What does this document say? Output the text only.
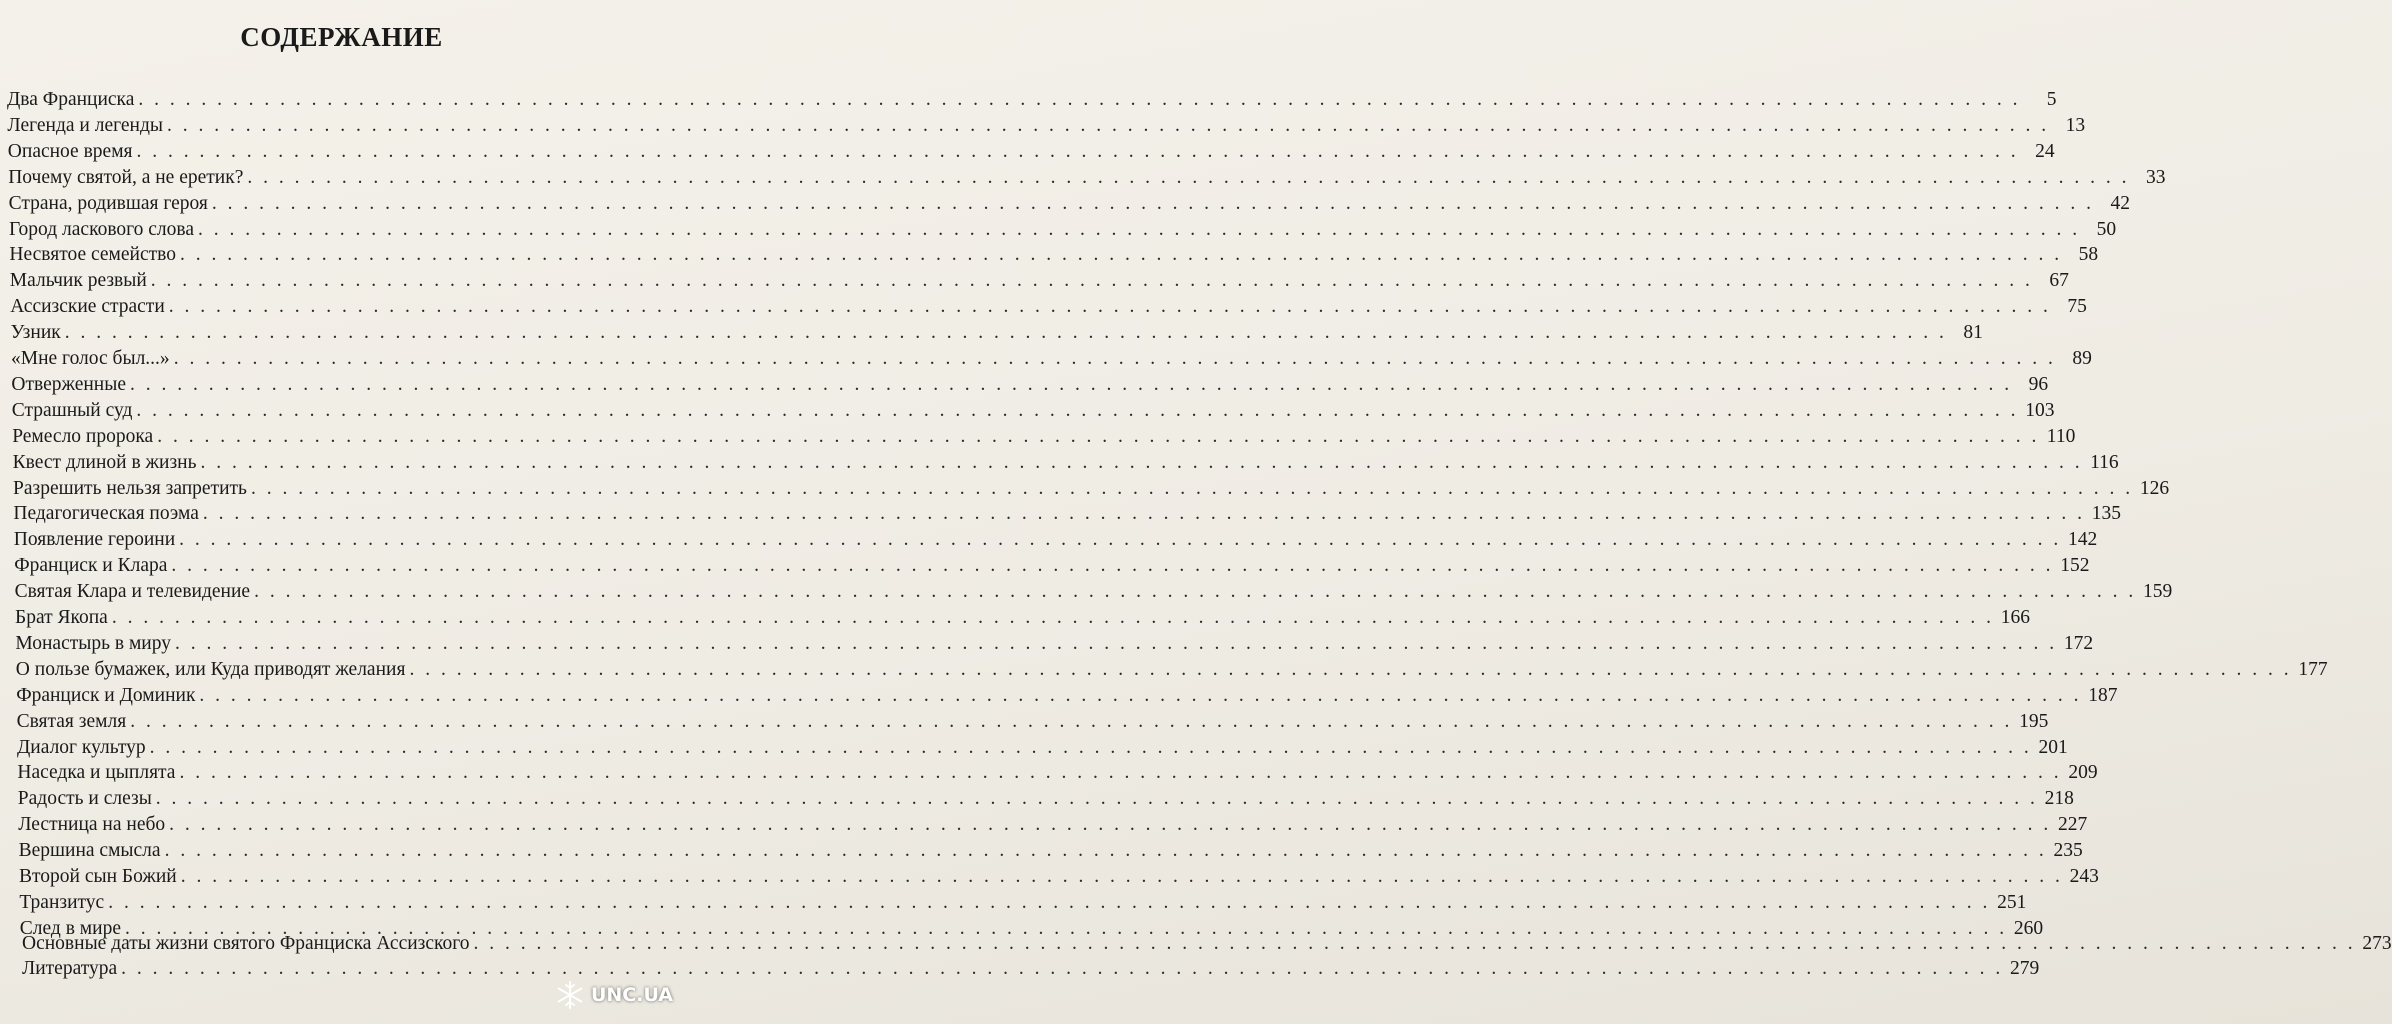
СОДЕРЖАНИЕ
Два Франциска . . . . . . . . . . . . . . . . . . . . . . . . . . . . . . . . . . . . . . . . . . . . . . . . . . . . . . . . . . . . . . . . . . . . . . . . . . . . . . . . . . . . . . . . . . . . . . . . . . . . . . . . . . . . . . . . . . . . . . . .	5
Легенда и легенды . . . . . . . . . . . . . . . . . . . . . . . . . . . . . . . . . . . . . . . . . . . . . . . . . . . . . . . . . . . . . . . . . . . . . . . . . . . . . . . . . . . . . . . . . . . . . . . . . . . . . . . . . . . . . . . . . . . . . . . . 13
Опасное время . . . . . . . . . . . . . . . . . . . . . . . . . . . . . . . . . . . . . . . . . . . . . . . . . . . . . . . . . . . . . . . . . . . . . . . . . . . . . . . . . . . . . . . . . . . . . . . . . . . . . . . . . . . . . . . . . . . . . . . . 24
Почему святой, а не еретик? . . . . . . . . . . . . . . . . . . . . . . . . . . . . . . . . . . . . . . . . . . . . . . . . . . . . . . . . . . . . . . . . . . . . . . . . . . . . . . . . . . . . . . . . . . . . . . . . . . . . . . . . . . . . . . . . . . . . . . . . 33
Страна, родившая героя . . . . . . . . . . . . . . . . . . . . . . . . . . . . . . . . . . . . . . . . . . . . . . . . . . . . . . . . . . . . . . . . . . . . . . . . . . . . . . . . . . . . . . . . . . . . . . . . . . . . . . . . . . . . . . . . . . . . . . . . 42
Город ласкового слова . . . . . . . . . . . . . . . . . . . . . . . . . . . . . . . . . . . . . . . . . . . . . . . . . . . . . . . . . . . . . . . . . . . . . . . . . . . . . . . . . . . . . . . . . . . . . . . . . . . . . . . . . . . . . . . . . . . . . . . . 50
Несвятое семейство . . . . . . . . . . . . . . . . . . . . . . . . . . . . . . . . . . . . . . . . . . . . . . . . . . . . . . . . . . . . . . . . . . . . . . . . . . . . . . . . . . . . . . . . . . . . . . . . . . . . . . . . . . . . . . . . . . . . . . . . 58
Мальчик резвый . . . . . . . . . . . . . . . . . . . . . . . . . . . . . . . . . . . . . . . . . . . . . . . . . . . . . . . . . . . . . . . . . . . . . . . . . . . . . . . . . . . . . . . . . . . . . . . . . . . . . . . . . . . . . . . . . . . . . . . . 67
Ассизские страсти . . . . . . . . . . . . . . . . . . . . . . . . . . . . . . . . . . . . . . . . . . . . . . . . . . . . . . . . . . . . . . . . . . . . . . . . . . . . . . . . . . . . . . . . . . . . . . . . . . . . . . . . . . . . . . . . . . . . . . . . 75
Узник . . . . . . . . . . . . . . . . . . . . . . . . . . . . . . . . . . . . . . . . . . . . . . . . . . . . . . . . . . . . . . . . . . . . . . . . . . . . . . . . . . . . . . . . . . . . . . . . . . . . . . . . . . . . . . . . . . . . . . . . 81
«Мне голос был...» . . . . . . . . . . . . . . . . . . . . . . . . . . . . . . . . . . . . . . . . . . . . . . . . . . . . . . . . . . . . . . . . . . . . . . . . . . . . . . . . . . . . . . . . . . . . . . . . . . . . . . . . . . . . . . . . . . . . . . . . 89
Отверженные . . . . . . . . . . . . . . . . . . . . . . . . . . . . . . . . . . . . . . . . . . . . . . . . . . . . . . . . . . . . . . . . . . . . . . . . . . . . . . . . . . . . . . . . . . . . . . . . . . . . . . . . . . . . . . . . . . . . . . . . 96
Страшный суд . . . . . . . . . . . . . . . . . . . . . . . . . . . . . . . . . . . . . . . . . . . . . . . . . . . . . . . . . . . . . . . . . . . . . . . . . . . . . . . . . . . . . . . . . . . . . . . . . . . . . . . . . . . . . . . . . . . . . . . . 103
Ремесло пророка . . . . . . . . . . . . . . . . . . . . . . . . . . . . . . . . . . . . . . . . . . . . . . . . . . . . . . . . . . . . . . . . . . . . . . . . . . . . . . . . . . . . . . . . . . . . . . . . . . . . . . . . . . . . . . . . . . . . . . . . 110
Квест длиной в жизнь . . . . . . . . . . . . . . . . . . . . . . . . . . . . . . . . . . . . . . . . . . . . . . . . . . . . . . . . . . . . . . . . . . . . . . . . . . . . . . . . . . . . . . . . . . . . . . . . . . . . . . . . . . . . . . . . . . . . . . . . 116
Разрешить нельзя запретить . . . . . . . . . . . . . . . . . . . . . . . . . . . . . . . . . . . . . . . . . . . . . . . . . . . . . . . . . . . . . . . . . . . . . . . . . . . . . . . . . . . . . . . . . . . . . . . . . . . . . . . . . . . . . . . . . . . . . . . . 126
Педагогическая поэма . . . . . . . . . . . . . . . . . . . . . . . . . . . . . . . . . . . . . . . . . . . . . . . . . . . . . . . . . . . . . . . . . . . . . . . . . . . . . . . . . . . . . . . . . . . . . . . . . . . . . . . . . . . . . . . . . . . . . . . . 135
Появление героини . . . . . . . . . . . . . . . . . . . . . . . . . . . . . . . . . . . . . . . . . . . . . . . . . . . . . . . . . . . . . . . . . . . . . . . . . . . . . . . . . . . . . . . . . . . . . . . . . . . . . . . . . . . . . . . . . . . . . . . . 142
Франциск и Клара . . . . . . . . . . . . . . . . . . . . . . . . . . . . . . . . . . . . . . . . . . . . . . . . . . . . . . . . . . . . . . . . . . . . . . . . . . . . . . . . . . . . . . . . . . . . . . . . . . . . . . . . . . . . . . . . . . . . . . . . 152
Святая Клара и телевидение . . . . . . . . . . . . . . . . . . . . . . . . . . . . . . . . . . . . . . . . . . . . . . . . . . . . . . . . . . . . . . . . . . . . . . . . . . . . . . . . . . . . . . . . . . . . . . . . . . . . . . . . . . . . . . . . . . . . . . . . 159
Брат Якопа . . . . . . . . . . . . . . . . . . . . . . . . . . . . . . . . . . . . . . . . . . . . . . . . . . . . . . . . . . . . . . . . . . . . . . . . . . . . . . . . . . . . . . . . . . . . . . . . . . . . . . . . . . . . . . . . . . . . . . . . 166
Монастырь в миру . . . . . . . . . . . . . . . . . . . . . . . . . . . . . . . . . . . . . . . . . . . . . . . . . . . . . . . . . . . . . . . . . . . . . . . . . . . . . . . . . . . . . . . . . . . . . . . . . . . . . . . . . . . . . . . . . . . . . . . . 172
О пользе бумажек, или Куда приводят желания . . . . . . . . . . . . . . . . . . . . . . . . . . . . . . . . . . . . . . . . . . . . . . . . . . . . . . . . . . . . . . . . . . . . . . . . . . . . . . . . . . . . . . . . . . . . . . . . . . . . . . . . . . . . . . . . . . . . . . . . 177
Франциск и Доминик . . . . . . . . . . . . . . . . . . . . . . . . . . . . . . . . . . . . . . . . . . . . . . . . . . . . . . . . . . . . . . . . . . . . . . . . . . . . . . . . . . . . . . . . . . . . . . . . . . . . . . . . . . . . . . . . . . . . . . . . 187
Святая земля . . . . . . . . . . . . . . . . . . . . . . . . . . . . . . . . . . . . . . . . . . . . . . . . . . . . . . . . . . . . . . . . . . . . . . . . . . . . . . . . . . . . . . . . . . . . . . . . . . . . . . . . . . . . . . . . . . . . . . . . 195
Диалог культур . . . . . . . . . . . . . . . . . . . . . . . . . . . . . . . . . . . . . . . . . . . . . . . . . . . . . . . . . . . . . . . . . . . . . . . . . . . . . . . . . . . . . . . . . . . . . . . . . . . . . . . . . . . . . . . . . . . . . . . . 201
Наседка и цыплята . . . . . . . . . . . . . . . . . . . . . . . . . . . . . . . . . . . . . . . . . . . . . . . . . . . . . . . . . . . . . . . . . . . . . . . . . . . . . . . . . . . . . . . . . . . . . . . . . . . . . . . . . . . . . . . . . . . . . . . . 209
Радость и слезы . . . . . . . . . . . . . . . . . . . . . . . . . . . . . . . . . . . . . . . . . . . . . . . . . . . . . . . . . . . . . . . . . . . . . . . . . . . . . . . . . . . . . . . . . . . . . . . . . . . . . . . . . . . . . . . . . . . . . . . . 218
Лестница на небо . . . . . . . . . . . . . . . . . . . . . . . . . . . . . . . . . . . . . . . . . . . . . . . . . . . . . . . . . . . . . . . . . . . . . . . . . . . . . . . . . . . . . . . . . . . . . . . . . . . . . . . . . . . . . . . . . . . . . . . . 227
Вершина смысла . . . . . . . . . . . . . . . . . . . . . . . . . . . . . . . . . . . . . . . . . . . . . . . . . . . . . . . . . . . . . . . . . . . . . . . . . . . . . . . . . . . . . . . . . . . . . . . . . . . . . . . . . . . . . . . . . . . . . . . . 235
Второй сын Божий . . . . . . . . . . . . . . . . . . . . . . . . . . . . . . . . . . . . . . . . . . . . . . . . . . . . . . . . . . . . . . . . . . . . . . . . . . . . . . . . . . . . . . . . . . . . . . . . . . . . . . . . . . . . . . . . . . . . . . . . 243
Транзитус . . . . . . . . . . . . . . . . . . . . . . . . . . . . . . . . . . . . . . . . . . . . . . . . . . . . . . . . . . . . . . . . . . . . . . . . . . . . . . . . . . . . . . . . . . . . . . . . . . . . . . . . . . . . . . . . . . . . . . . . 251
След в мире . . . . . . . . . . . . . . . . . . . . . . . . . . . . . . . . . . . . . . . . . . . . . . . . . . . . . . . . . . . . . . . . . . . . . . . . . . . . . . . . . . . . . . . . . . . . . . . . . . . . . . . . . . . . . . . . . . . . . . . . 260
Основные даты жизни святого Франциска Ассизского . . . . . . . . . . . . . . . . . . . . . . . . . . . . . . . . . . . . . . . . . . . . . . . . . . . . . . . . . . . . . . . . . . . . . . . . . . . . . . . . . . . . . . . . . . . . . . . . . . . . . . . . . . . . . . . . . . . . . . . . 273
Литература . . . . . . . . . . . . . . . . . . . . . . . . . . . . . . . . . . . . . . . . . . . . . . . . . . . . . . . . . . . . . . . . . . . . . . . . . . . . . . . . . . . . . . . . . . . . . . . . . . . . . . . . . . . . . . . . . . . . . . . . 279
UNC.UA
